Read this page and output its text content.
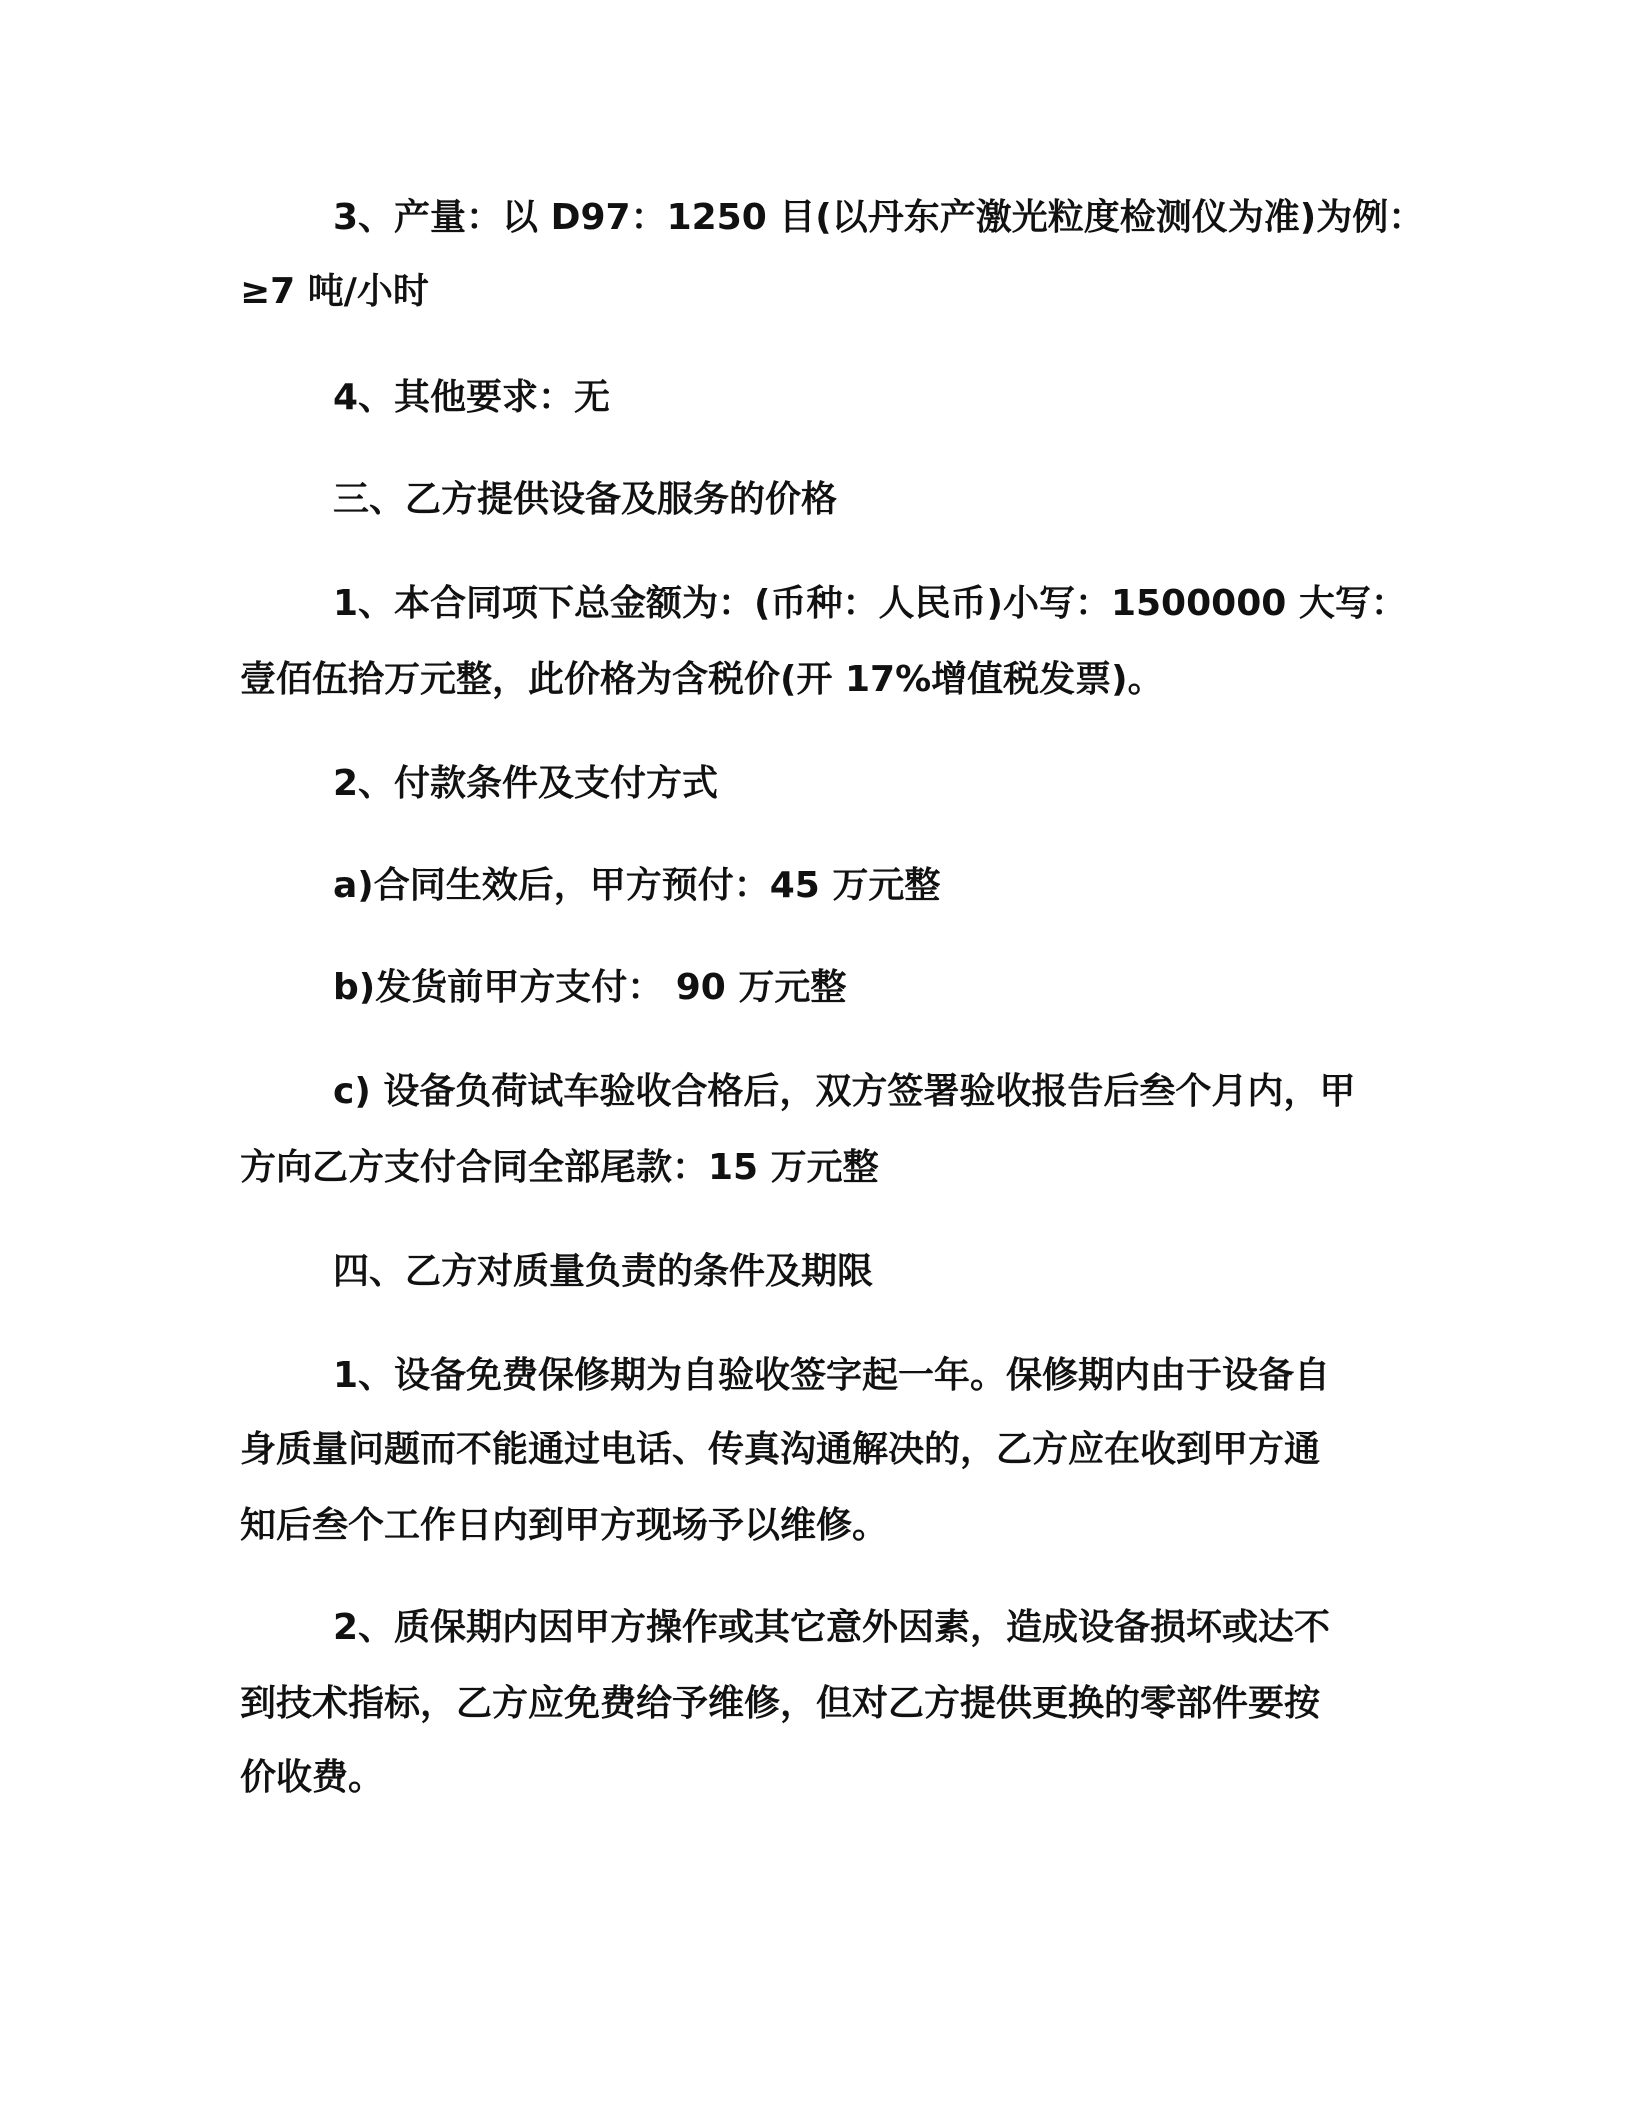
3、产量：以 D97：1250 目(以丹东产激光粒度检测仪为准)为例：

≥7 吨/小时

4、其他要求：无

三、乙方提供设备及服务的价格

1、本合同项下总金额为：(币种：人民币)小写：1500000 大写：

壹佰伍拾万元整，此价格为含税价(开 17%增值税发票)。

2、付款条件及支付方式

a)合同生效后，甲方预付：45 万元整

b)发货前甲方支付： 90 万元整

c) 设备负荷试车验收合格后，双方签署验收报告后叁个月内，甲

方向乙方支付合同全部尾款：15 万元整

四、乙方对质量负责的条件及期限

1、设备免费保修期为自验收签字起一年。保修期内由于设备自

身质量问题而不能通过电话、传真沟通解决的，乙方应在收到甲方通

知后叁个工作日内到甲方现场予以维修。

2、质保期内因甲方操作或其它意外因素，造成设备损坏或达不

到技术指标，乙方应免费给予维修，但对乙方提供更换的零部件要按

价收费。
